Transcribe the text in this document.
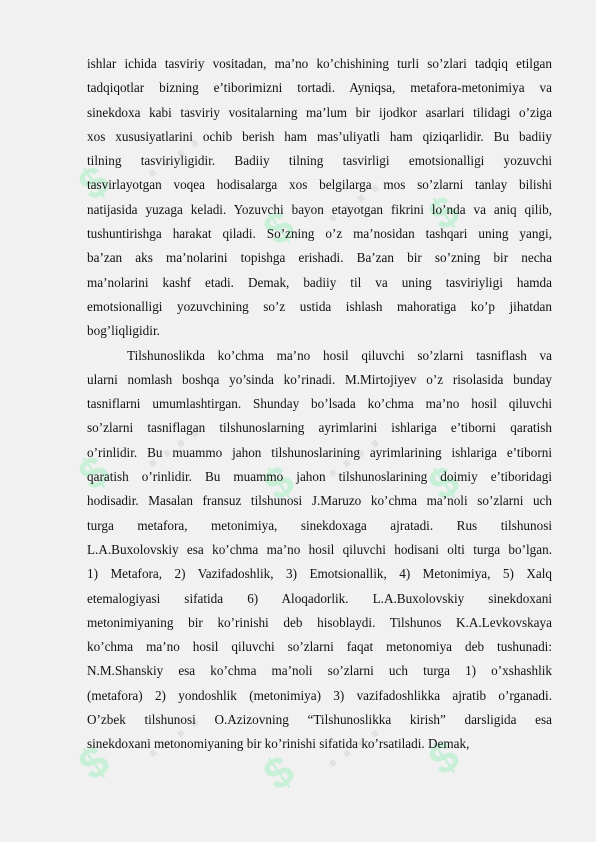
$ ....
$ .... $
$ ....
$ .... $
$ ....
$ .... $

ishlar ichida tasviriy vositadan, ma’no ko’chishining turli so’zlari tadqiq etilgan
tadqiqotlar bizning e’tiborimizni tortadi. Ayniqsa, metafora-metonimiya va
sinekdoxa kabi tasviriy vositalarning ma’lum bir ijodkor asarlari tilidagi o’ziga
xos xususiyatlarini ochib berish ham mas’uliyatli ham qiziqarlidir. Bu badiiy
tilning tasviriyligidir. Badiiy tilning tasvirligi emotsionalligi yozuvchi
tasvirlayotgan voqea hodisalarga xos belgilarga mos so’zlarni tanlay bilishi
natijasida yuzaga keladi. Yozuvchi bayon etayotgan fikrini lo’nda va aniq qilib,
tushuntirishga harakat qiladi. So’zning o’z ma’nosidan tashqari uning yangi,
ba’zan aks ma’nolarini topishga erishadi. Ba’zan bir so’zning bir necha
ma’nolarini kashf etadi. Demak, badiiy til va uning tasviriyligi hamda
emotsionalligi yozuvchining so’z ustida ishlash mahoratiga ko’p jihatdan
bog’liqligidir.

Tilshunoslikda ko’chma ma’no hosil qiluvchi so’zlarni tasniflash va
ularni nomlash boshqa yo’sinda ko’rinadi. M.Mirtojiyev o’z risolasida bunday
tasniflarni umumlashtirgan. Shunday bo’lsada ko’chma ma’no hosil qiluvchi
so’zlarni tasniflagan tilshunoslarning ayrimlarini ishlariga e’tiborni qaratish
o’rinlidir. Bu muammo jahon tilshunoslarining ayrimlarining ishlariga e’tiborni
qaratish o’rinlidir. Bu muammo jahon tilshunoslarining doimiy e’tiboridagi
hodisadir. Masalan fransuz tilshunosi J.Maruzo ko’chma ma’noli so’zlarni uch
turga metafora, metonimiya, sinekdoxaga ajratadi. Rus tilshunosi
L.A.Buxolovskiy esa ko’chma ma’no hosil qiluvchi hodisani olti turga bo’lgan.
1) Metafora, 2) Vazifadoshlik, 3) Emotsionallik, 4) Metonimiya, 5) Xalq
etemalogiyasi sifatida 6) Aloqadorlik. L.A.Buxolovskiy sinekdoxani
metonimiyaning bir ko’rinishi deb hisoblaydi. Tilshunos K.A.Levkovskaya
ko’chma ma’no hosil qiluvchi so’zlarni faqat metonomiya deb tushunadi:
N.M.Shanskiy esa ko’chma ma’noli so’zlarni uch turga 1) o’xshashlik
(metafora) 2) yondoshlik (metonimiya) 3) vazifadoshlikka ajratib o’rganadi.
O’zbek tilshunosi O.Azizovning “Tilshunoslikka kirish” darsligida esa
sinekdoxani metonomiyaning bir ko’rinishi sifatida ko’rsatiladi. Demak,
